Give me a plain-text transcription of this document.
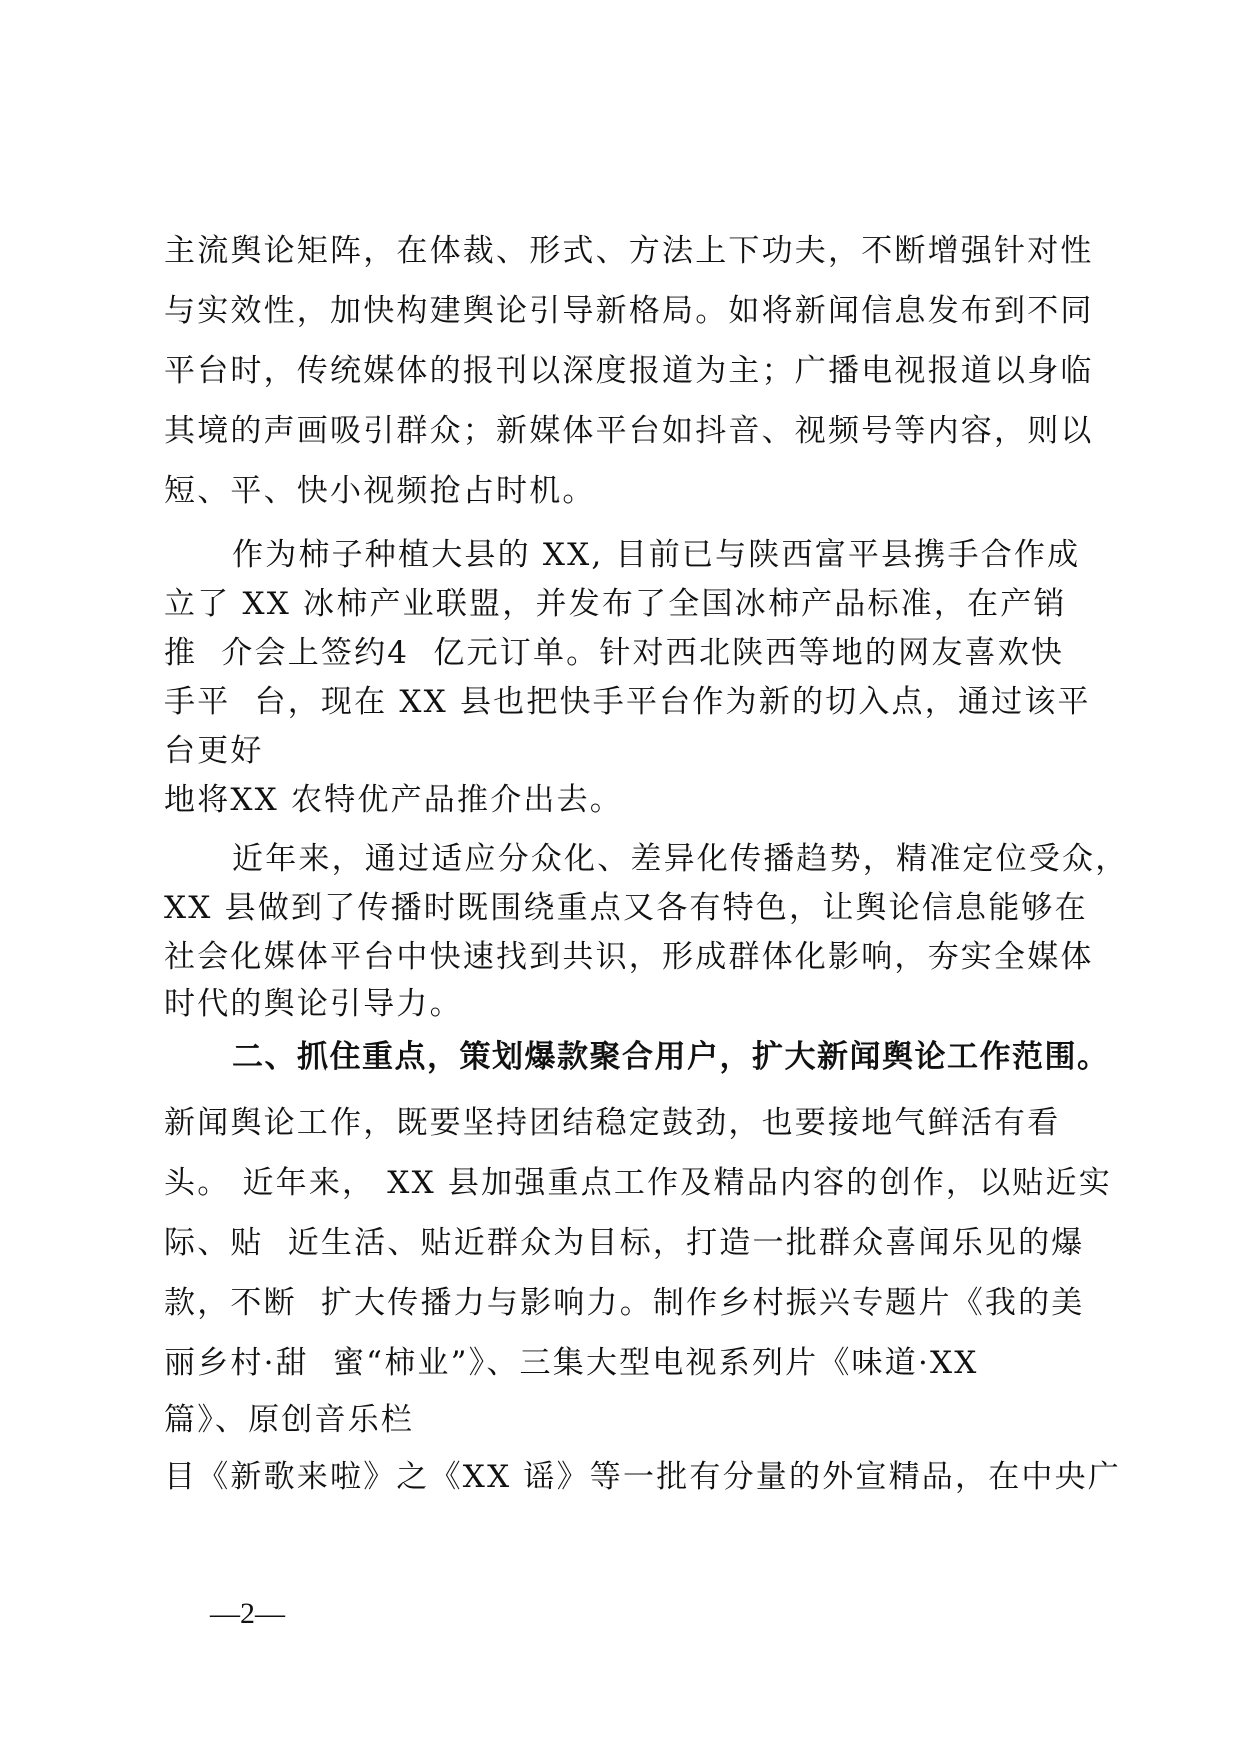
主流舆论矩阵，在体裁、形式、方法上下功夫，不断增强针对性
与实效性，加快构建舆论引导新格局。如将新闻信息发布到不同
平台时，传统媒体的报刊以深度报道为主；广播电视报道以身临
其境的声画吸引群众；新媒体平台如抖音、视频号等内容，则以
短、平、快小视频抢占时机。
作为柿子种植大县的 XX, 目前已与陕西富平县携手合作成
立了 XX 冰柿产业联盟，并发布了全国冰柿产品标准，在产销
推  介会上签约4  亿元订单。针对西北陕西等地的网友喜欢快
手平  台，现在 XX 县也把快手平台作为新的切入点，通过该平
台更好
地将XX 农特优产品推介出去。
近年来，通过适应分众化、差异化传播趋势，精准定位受众，
XX 县做到了传播时既围绕重点又各有特色，让舆论信息能够在
社会化媒体平台中快速找到共识，形成群体化影响，夯实全媒体
时代的舆论引导力。
二、抓住重点，策划爆款聚合用户，扩大新闻舆论工作范围。
新闻舆论工作，既要坚持团结稳定鼓劲，也要接地气鲜活有看
头。 近年来， XX 县加强重点工作及精品内容的创作，以贴近实
际、贴  近生活、贴近群众为目标，打造一批群众喜闻乐见的爆
款，不断  扩大传播力与影响力。制作乡村振兴专题片《我的美
丽乡村·甜  蜜“柿业”》、三集大型电视系列片《味道·XX
篇》、原创音乐栏
目《新歌来啦》之《XX 谣》等一批有分量的外宣精品，在中央广
—2—
